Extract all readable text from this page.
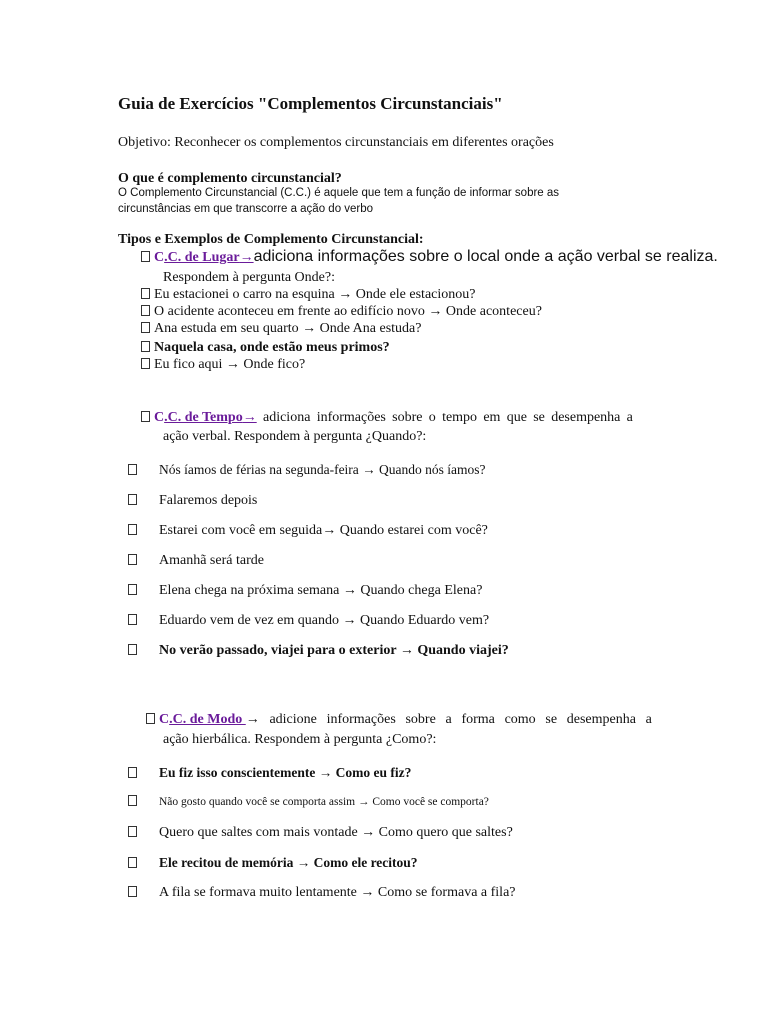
Guia de Exercícios "Complementos Circunstanciais"
Objetivo: Reconhecer os complementos circunstanciais em diferentes orações
O que é complemento circunstancial?
O Complemento Circunstancial (C.C.) é aquele que tem a função de informar sobre as
circunstâncias em que transcorre a ação do verbo
Tipos e Exemplos de Complemento Circunstancial:
C.C. de Lugar→adiciona informações sobre o local onde a ação verbal se realiza.
Respondem à pergunta Onde?:
Eu estacionei o carro na esquina → Onde ele estacionou?
O acidente aconteceu em frente ao edifício novo → Onde aconteceu?
Ana estuda em seu quarto → Onde Ana estuda?
Naquela casa, onde estão meus primos?
Eu fico aqui → Onde fico?
C.C. de Tempo→ adiciona informações sobre o tempo em que se desempenha a
ação verbal. Respondem à pergunta ¿Quando?:
Nós íamos de férias na segunda-feira → Quando nós íamos?
Falaremos depois
Estarei com você em seguida→ Quando estarei com você?
Amanhã será tarde
Elena chega na próxima semana → Quando chega Elena?
Eduardo vem de vez em quando → Quando Eduardo vem?
No verão passado, viajei para o exterior → Quando viajei?
C.C. de Modo → adicione informações sobre a forma como se desempenha a
ação hierbálica. Respondem à pergunta ¿Como?:
Eu fiz isso conscientemente → Como eu fiz?
Não gosto quando você se comporta assim → Como você se comporta?
Quero que saltes com mais vontade → Como quero que saltes?
Ele recitou de memória → Como ele recitou?
A fila se formava muito lentamente → Como se formava a fila?
